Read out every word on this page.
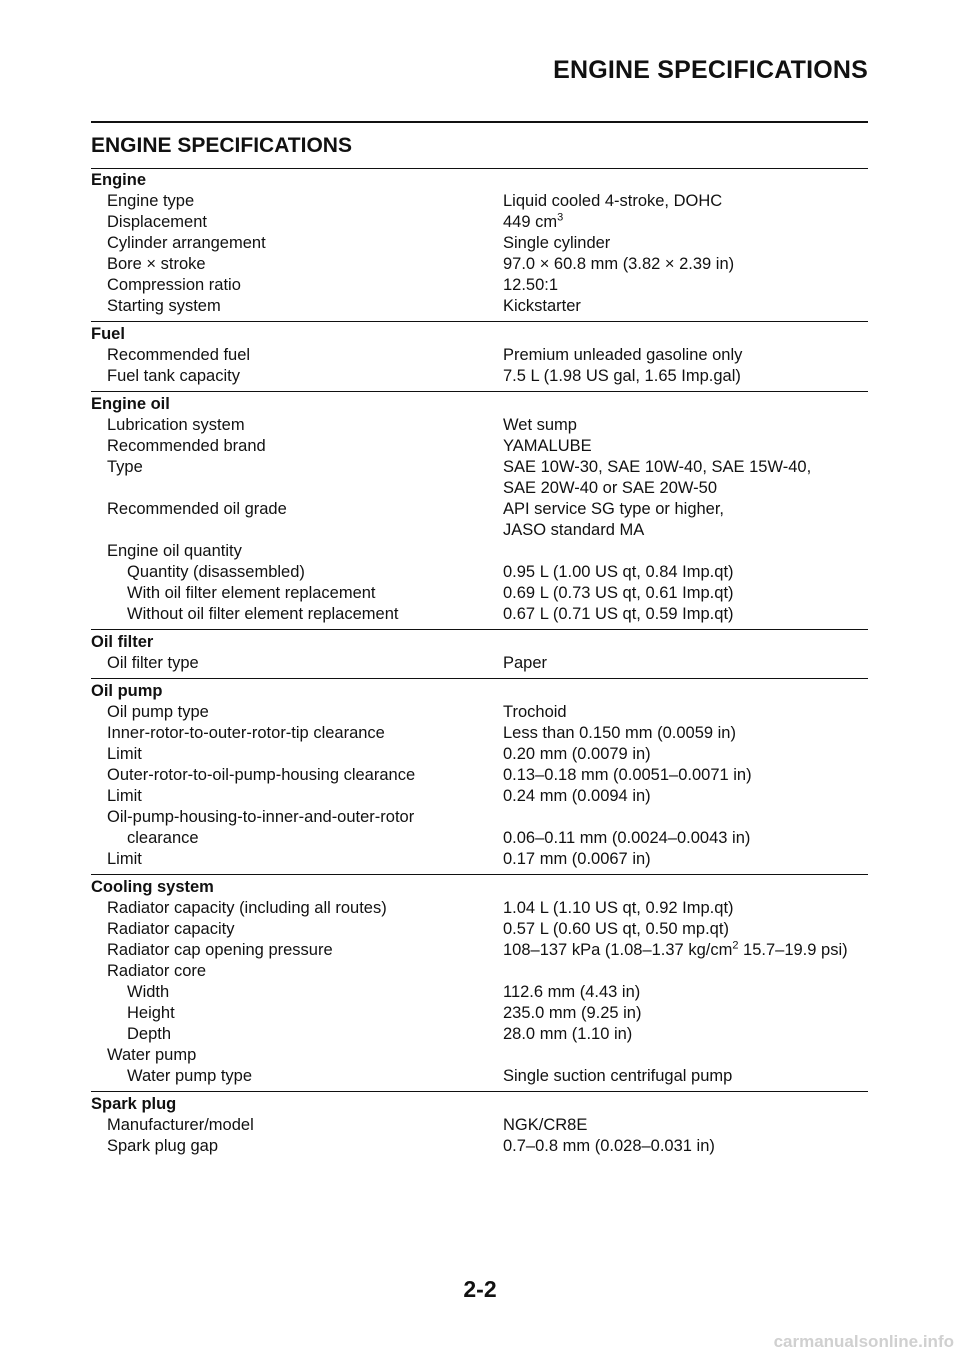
ENGINE SPECIFICATIONS
ENGINE SPECIFICATIONS
Engine
Engine type	Liquid cooled 4-stroke, DOHC
Displacement	449 $cm^3$
Cylinder arrangement	Single cylinder
Bore × stroke	97.0 × 60.8 mm (3.82 × 2.39 in)
Compression ratio	12.50:1
Starting system	Kickstarter
Fuel
Recommended fuel	Premium unleaded gasoline only
Fuel tank capacity	7.5 L (1.98 US gal, 1.65 Imp.gal)
Engine oil
Lubrication system	Wet sump
Recommended brand	YAMALUBE
Type	SAE 10W-30, SAE 10W-40, SAE 15W-40,
SAE 20W-40 or SAE 20W-50
Recommended oil grade	API service SG type or higher,
JASO standard MA
Engine oil quantity
Quantity (disassembled)	0.95 L (1.00 US qt, 0.84 Imp.qt)
With oil filter element replacement	0.69 L (0.73 US qt, 0.61 Imp.qt)
Without oil filter element replacement	0.67 L (0.71 US qt, 0.59 Imp.qt)
Oil filter
Oil filter type	Paper
Oil pump
Oil pump type	Trochoid
Inner-rotor-to-outer-rotor-tip clearance	Less than 0.150 mm (0.0059 in)
Limit	0.20 mm (0.0079 in)
Outer-rotor-to-oil-pump-housing clearance	0.13–0.18 mm (0.0051–0.0071 in)
Limit	0.24 mm (0.0094 in)
Oil-pump-housing-to-inner-and-outer-rotor
clearance	0.06–0.11 mm (0.0024–0.0043 in)
Limit	0.17 mm (0.0067 in)
Cooling system
Radiator capacity (including all routes)	1.04 L (1.10 US qt, 0.92 Imp.qt)
Radiator capacity	0.57 L (0.60 US qt, 0.50 mp.qt)
Radiator cap opening pressure	108–137 kPa (1.08–1.37 $kg/cm^2$ 15.7–19.9 psi)
Radiator core
Width	112.6 mm (4.43 in)
Height	235.0 mm (9.25 in)
Depth	28.0 mm (1.10 in)
Water pump
Water pump type	Single suction centrifugal pump
Spark plug
Manufacturer/model	NGK/CR8E
Spark plug gap	0.7–0.8 mm (0.028–0.031 in)
2-2
carmanualsonline.info
